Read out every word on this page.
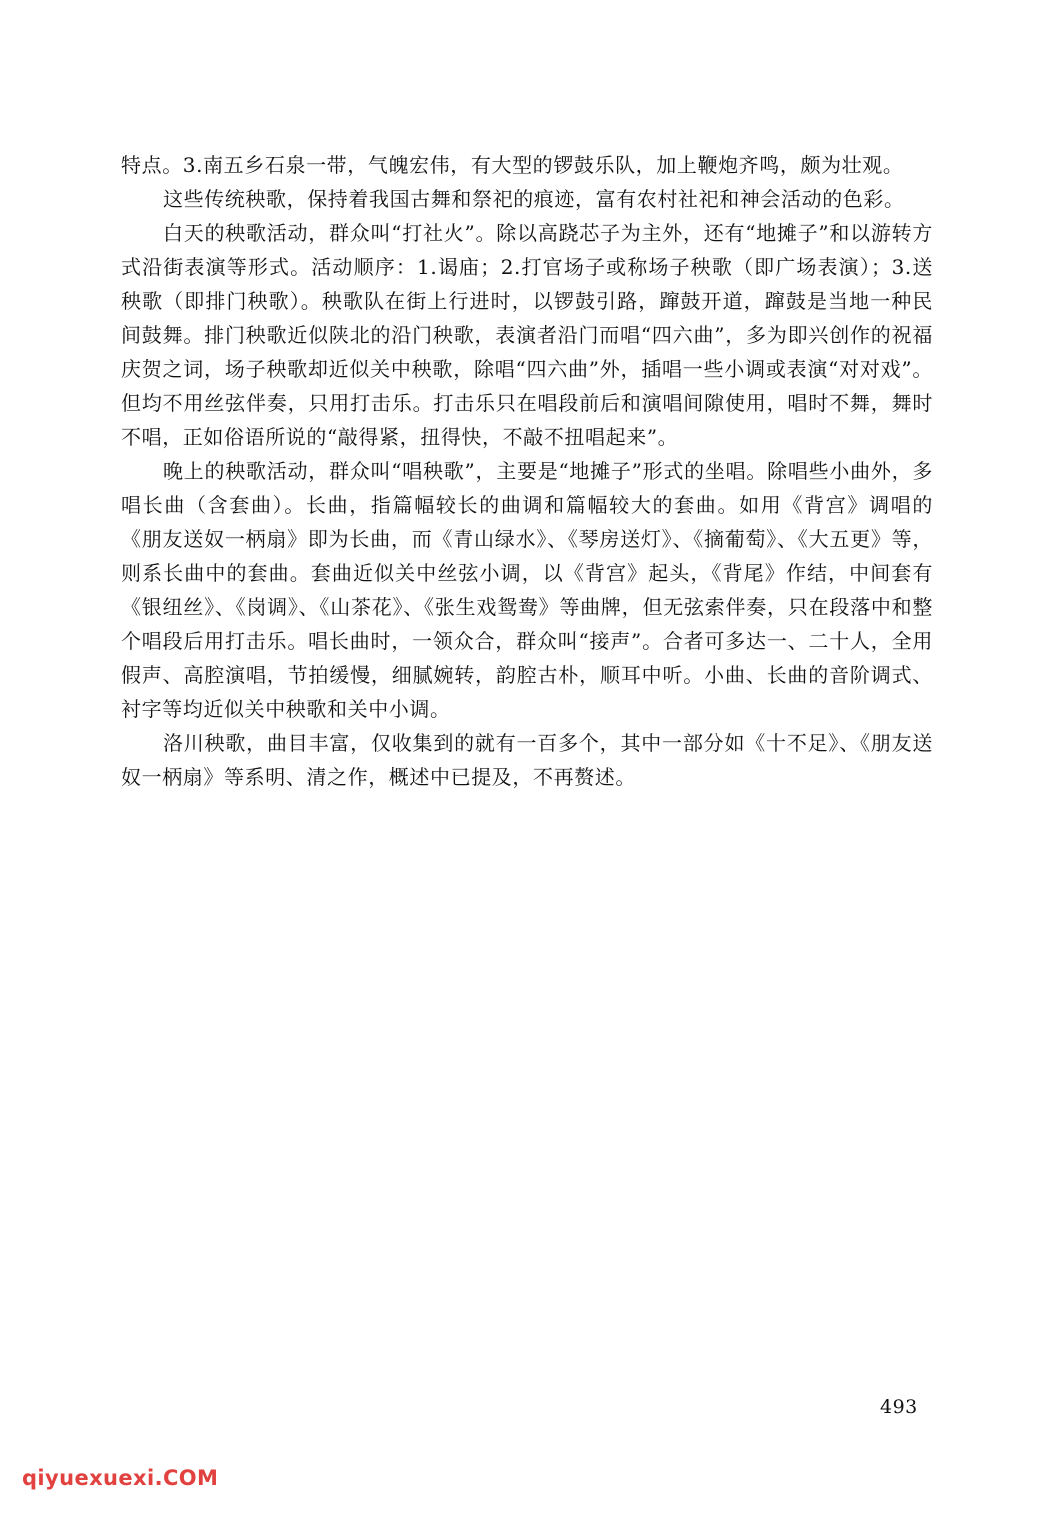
特点。3.南五乡石泉一带，气魄宏伟，有大型的锣鼓乐队，加上鞭炮齐鸣，颇为壮观。

这些传统秧歌，保持着我国古舞和祭祀的痕迹，富有农村社祀和神会活动的色彩。

白天的秧歌活动，群众叫“打社火”。除以高跷芯子为主外，还有“地摊子”和以游转方式沿街表演等形式。活动顺序：1.谒庙；2.打官场子或称场子秧歌（即广场表演）；3.送秧歌（即排门秧歌）。秧歌队在街上行进时，以锣鼓引路，蹿鼓开道，蹿鼓是当地一种民间鼓舞。排门秧歌近似陕北的沿门秧歌，表演者沿门而唱“四六曲”，多为即兴创作的祝福庆贺之词，场子秧歌却近似关中秧歌，除唱“四六曲”外，插唱一些小调或表演“对对戏”。但均不用丝弦伴奏，只用打击乐。打击乐只在唱段前后和演唱间隙使用，唱时不舞，舞时不唱，正如俗语所说的“敲得紧，扭得快，不敲不扭唱起来”。

晚上的秧歌活动，群众叫“唱秧歌”，主要是“地摊子”形式的坐唱。除唱些小曲外，多唱长曲（含套曲）。长曲，指篇幅较长的曲调和篇幅较大的套曲。如用《背宫》调唱的《朋友送奴一柄扇》即为长曲，而《青山绿水》、《琴房送灯》、《摘葡萄》、《大五更》等，则系长曲中的套曲。套曲近似关中丝弦小调，以《背宫》起头，《背尾》作结，中间套有《银纽丝》、《岗调》、《山茶花》、《张生戏鸳鸯》等曲牌，但无弦索伴奏，只在段落中和整个唱段后用打击乐。唱长曲时，一领众合，群众叫“接声”。合者可多达一、二十人，全用假声、高腔演唱，节拍缓慢，细腻婉转，韵腔古朴，顺耳中听。小曲、长曲的音阶调式、衬字等均近似关中秧歌和关中小调。

洛川秧歌，曲目丰富，仅收集到的就有一百多个，其中一部分如《十不足》、《朋友送奴一柄扇》等系明、清之作，概述中已提及，不再赘述。

493
qiyuexuexi.COM
